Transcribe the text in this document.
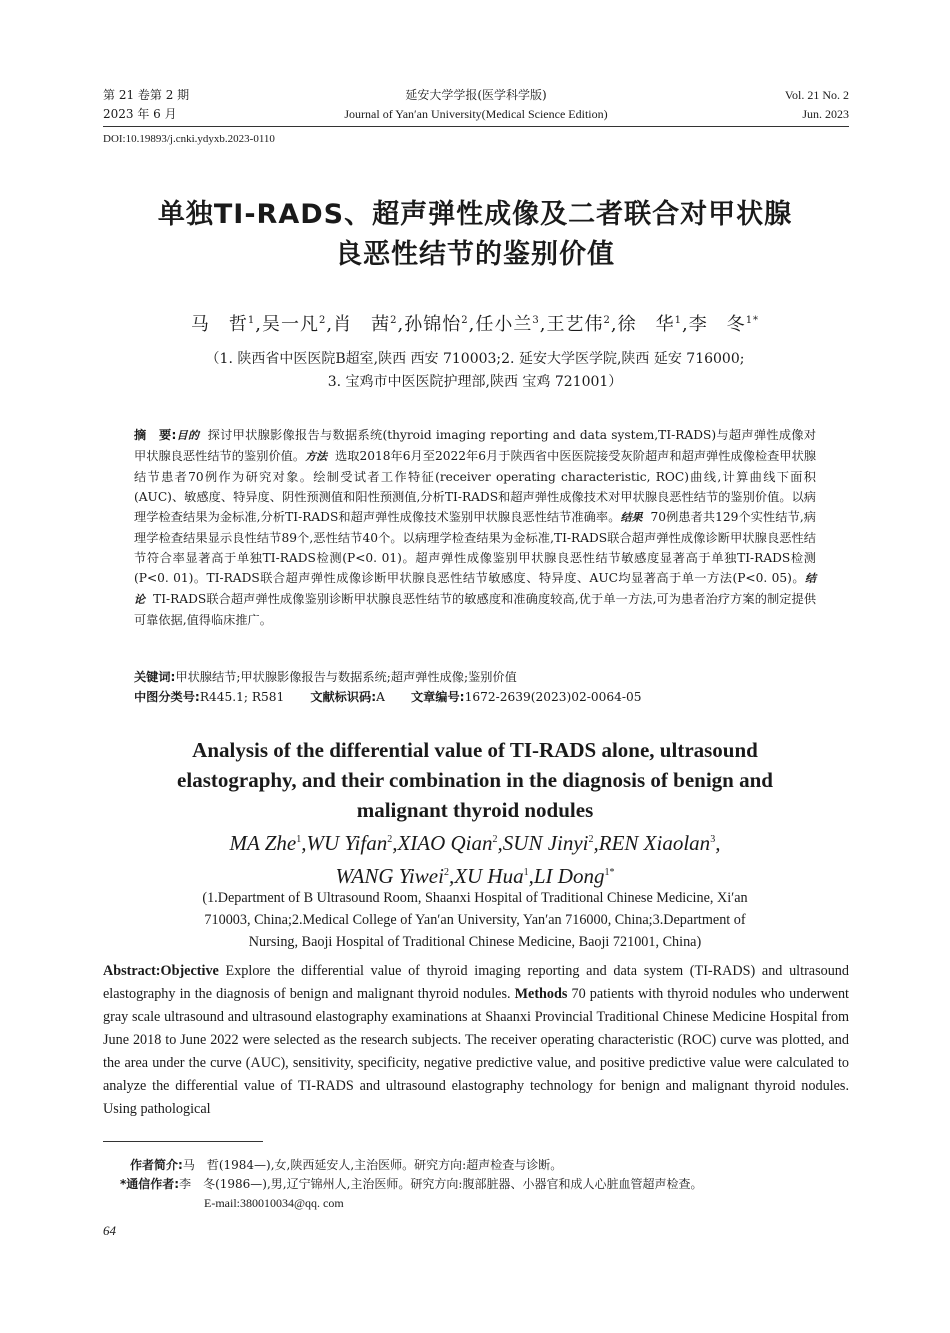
第 21 卷第 2 期
2023 年 6 月
延安大学学报(医学科学版)
Journal of Yan′an University(Medical Science Edition)
Vol. 21 No. 2
Jun. 2023
DOI:10.19893/j.cnki.ydyxb.2023-0110
单独TI-RADS、超声弹性成像及二者联合对甲状腺
良恶性结节的鉴别价值
马　哲$^1$,吴一凡$^2$,肖　茜$^2$,孙锦怡$^2$,任小兰$^3$,王艺伟$^2$,徐　华$^1$,李　冬$^{1*}$
（1. 陕西省中医医院B超室,陕西 西安 710003;2. 延安大学医学院,陕西 延安 716000;
3. 宝鸡市中医医院护理部,陕西 宝鸡 721001）
摘　要:目的 探讨甲状腺影像报告与数据系统(thyroid imaging reporting and data system,TI-RADS)与超声弹性成像对甲状腺良恶性结节的鉴别价值。方法 选取2018年6月至2022年6月于陕西省中医医院接受灰阶超声和超声弹性成像检查甲状腺结节患者70例作为研究对象。绘制受试者工作特征(receiver operating characteristic, ROC)曲线,计算曲线下面积(AUC)、敏感度、特异度、阴性预测值和阳性预测值,分析TI-RADS和超声弹性成像技术对甲状腺良恶性结节的鉴别价值。以病理学检查结果为金标准,分析TI-RADS和超声弹性成像技术鉴别甲状腺良恶性结节准确率。结果 70例患者共129个实性结节,病理学检查结果显示良性结节89个,恶性结节40个。以病理学检查结果为金标准,TI-RADS联合超声弹性成像诊断甲状腺良恶性结节符合率显著高于单独TI-RADS检测(P<0. 01)。超声弹性成像鉴别甲状腺良恶性结节敏感度显著高于单独TI-RADS检测(P<0. 01)。TI-RADS联合超声弹性成像诊断甲状腺良恶性结节敏感度、特异度、AUC均显著高于单一方法(P<0. 05)。结论 TI-RADS联合超声弹性成像鉴别诊断甲状腺良恶性结节的敏感度和准确度较高,优于单一方法,可为患者治疗方案的制定提供可靠依据,值得临床推广。
关键词:甲状腺结节;甲状腺影像报告与数据系统;超声弹性成像;鉴别价值
中图分类号:R445.1; R581 文献标识码:A 文章编号:1672-2639(2023)02-0064-05
Analysis of the differential value of TI-RADS alone, ultrasound
elastography, and their combination in the diagnosis of benign and
malignant thyroid nodules
MA Zhe$^1$,WU Yifan$^2$,XIAO Qian$^2$,SUN Jinyi$^2$,REN Xiaolan$^3$,
WANG Yiwei$^2$,XU Hua$^1$,LI Dong$^{1*}$
(1.Department of B Ultrasound Room, Shaanxi Hospital of Traditional Chinese Medicine, Xi′an
710003, China;2.Medical College of Yan′an University, Yan′an 716000, China;3.Department of
Nursing, Baoji Hospital of Traditional Chinese Medicine, Baoji 721001, China)
Abstract:Objective Explore the differential value of thyroid imaging reporting and data system (TI-RADS) and ultrasound elastography in the diagnosis of benign and malignant thyroid nodules. Methods 70 patients with thyroid nodules who underwent gray scale ultrasound and ultrasound elastography examinations at Shaanxi Provincial Traditional Chinese Medicine Hospital from June 2018 to June 2022 were selected as the research subjects. The receiver operating characteristic (ROC) curve was plotted, and the area under the curve (AUC), sensitivity, specificity, negative predictive value, and positive predictive value were calculated to analyze the differential value of TI-RADS and ultrasound elastography technology for benign and malignant thyroid nodules. Using pathological
作者简介:马　哲(1984—),女,陕西延安人,主治医师。研究方向:超声检查与诊断。
*通信作者:李　冬(1986—),男,辽宁锦州人,主治医师。研究方向:腹部脏器、小器官和成人心脏血管超声检查。
E-mail:380010034@qq. com
64
